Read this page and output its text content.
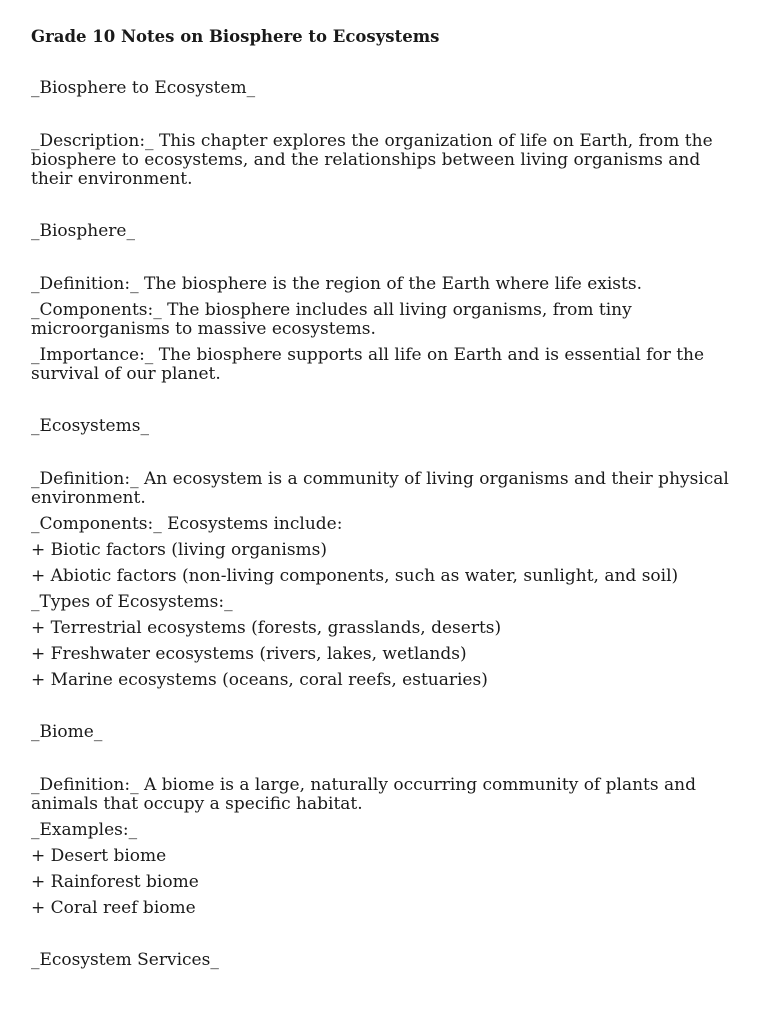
Grade 10 Notes on Biosphere to Ecosystems

_Biosphere to Ecosystem_

_Description:_ This chapter explores the organization of life on Earth, from the biosphere to ecosystems, and the relationships between living organisms and their environment.

_Biosphere_

_Definition:_ The biosphere is the region of the Earth where life exists.

_Components:_ The biosphere includes all living organisms, from tiny microorganisms to massive ecosystems.

_Importance:_ The biosphere supports all life on Earth and is essential for the survival of our planet.

_Ecosystems_

_Definition:_ An ecosystem is a community of living organisms and their physical environment.

_Components:_ Ecosystems include:

+ Biotic factors (living organisms)

+ Abiotic factors (non-living components, such as water, sunlight, and soil)

_Types of Ecosystems:_

+ Terrestrial ecosystems (forests, grasslands, deserts)

+ Freshwater ecosystems (rivers, lakes, wetlands)

+ Marine ecosystems (oceans, coral reefs, estuaries)

_Biome_

_Definition:_ A biome is a large, naturally occurring community of plants and animals that occupy a specific habitat.

_Examples:_

+ Desert biome

+ Rainforest biome

+ Coral reef biome

_Ecosystem Services_
